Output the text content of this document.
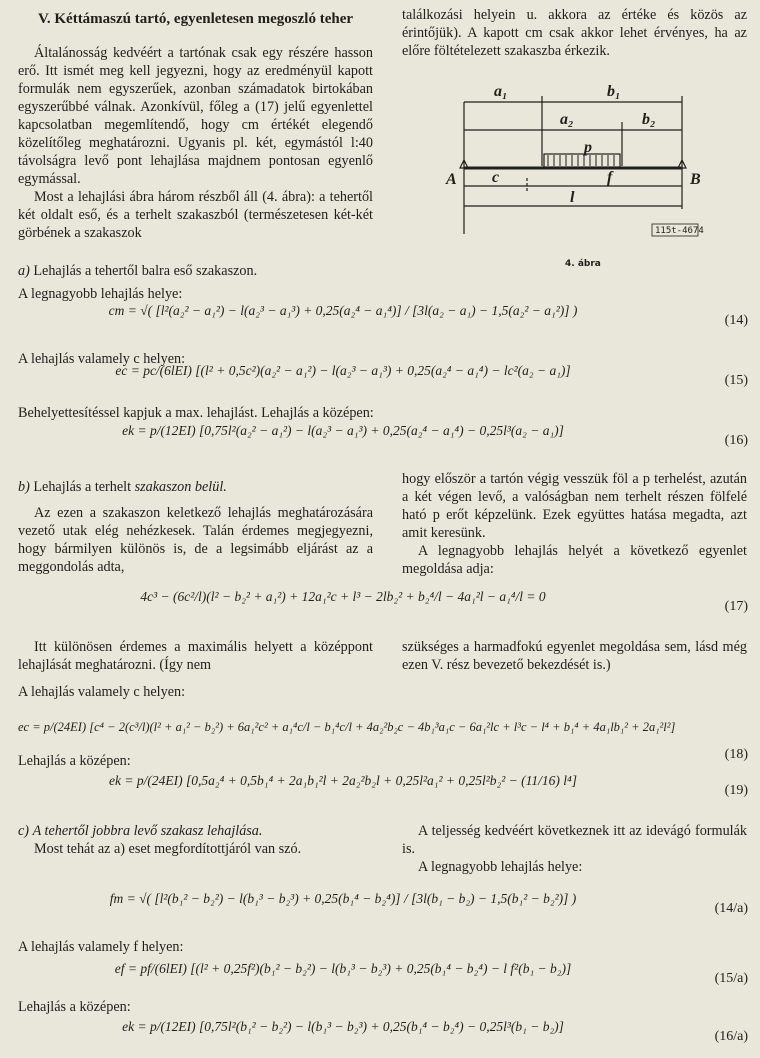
V. Kéttámaszú tartó, egyenletesen megoszló teher

Általánosság kedvéért a tartónak csak egy részére hasson erő. Itt ismét meg kell jegyezni, hogy az eredményül kapott formulák nem egyszerűek, azonban számadatok birtokában egyszerűbbé válnak. Azonkívül, főleg a (17) jelű egyenlettel kapcsolatban megemlítendő, hogy cm értékét elegendő közelítőleg meghatározni. Ugyanis pl. két, egymástól l:40 távolságra levő pont lehajlása majdnem pontosan egyenlő egymással.

Most a lehajlási ábra három részből áll (4. ábra): a tehertől két oldalt eső, és a terhelt szakaszból (természetesen két-két görbének a szakaszok

találkozási helyein u. akkora az értéke és közös az érintőjük). A kapott cm csak akkor lehet érvényes, ha az előre föltételezett szakaszba érkezik.

a₁	b₁
a₂	b₂
p
A	B
c	f
l
115t-4674
4. ábra
a) Lehajlás a tehertől balra eső szakaszon.
A legnagyobb lehajlás helye:
cm = √( [l²(a₂² − a₁²) − l(a₂³ − a₁³) + 0,25(a₂⁴ − a₁⁴)] / [3l(a₂ − a₁) − 1,5(a₂² − a₁²)] )
(14)
A lehajlás valamely c helyen:
ec = pc/(6lEI) [(l² + 0,5c²)(a₂² − a₁²) − l(a₂³ − a₁³) + 0,25(a₂⁴ − a₁⁴) − lc²(a₂ − a₁)]
(15)
Behelyettesítéssel kapjuk a max. lehajlást. Lehajlás a középen:
ek = p/(12EI) [0,75l²(a₂² − a₁²) − l(a₂³ − a₁³) + 0,25(a₂⁴ − a₁⁴) − 0,25l³(a₂ − a₁)]
(16)
b) Lehajlás a terhelt szakaszon belül.

Az ezen a szakaszon keletkező lehajlás meghatározására vezető utak elég nehézkesek. Talán érdemes megjegyezni, hogy bármilyen különös is, de a legsimább eljárást az a meggondolás adta,

hogy először a tartón végig vesszük föl a p terhelést, azután a két végen levő, a valóságban nem terhelt részen fölfelé ható p erőt képzelünk. Ezek együttes hatása megadta, azt amit keresünk.

A legnagyobb lehajlás helyét a következő egyenlet megoldása adja:

4c³ − (6c²/l)(l² − b₂² + a₁²) + 12a₁²c + l³ − 2lb₂² + b₂⁴/l − 4a₁²l − a₁⁴/l = 0
(17)

Itt különösen érdemes a maximális helyett a középpont lehajlását meghatározni. (Így nem

szükséges a harmadfokú egyenlet megoldása sem, lásd még ezen V. rész bevezető bekezdését is.)

A lehajlás valamely c helyen:
ec = p/(24EI) [c⁴ − 2(c³/l)(l² + a₁² − b₂²) + 6a₁²c² + a₁⁴c/l − b₁⁴c/l + 4a₂²b₂c − 4b₁³a₁c − 6a₁²lc + l³c − l⁴ + b₁⁴ + 4a₁lb₁² + 2a₁²l²]
(18)
Lehajlás a középen:
ek = p/(24EI) [0,5a₂⁴ + 0,5b₁⁴ + 2a₁b₁²l + 2a₂²b₂l + 0,25l²a₁² + 0,25l²b₂² − (11/16) l⁴]
(19)
c) A tehertől jobbra levő szakasz lehajlása.

Most tehát az a) eset megfordítottjáról van szó.

A teljesség kedvéért következnek itt az idevágó formulák is.

A legnagyobb lehajlás helye:

fm = √( [l²(b₁² − b₂²) − l(b₁³ − b₂³) + 0,25(b₁⁴ − b₂⁴)] / [3l(b₁ − b₂) − 1,5(b₁² − b₂²)] )
(14/a)
A lehajlás valamely f helyen:
ef = pf/(6lEI) [(l² + 0,25f²)(b₁² − b₂²) − l(b₁³ − b₂³) + 0,25(b₁⁴ − b₂⁴) − l f²(b₁ − b₂)]
(15/a)
Lehajlás a középen:
ek = p/(12EI) [0,75l²(b₁² − b₂²) − l(b₁³ − b₂³) + 0,25(b₁⁴ − b₂⁴) − 0,25l³(b₁ − b₂)]
(16/a)
